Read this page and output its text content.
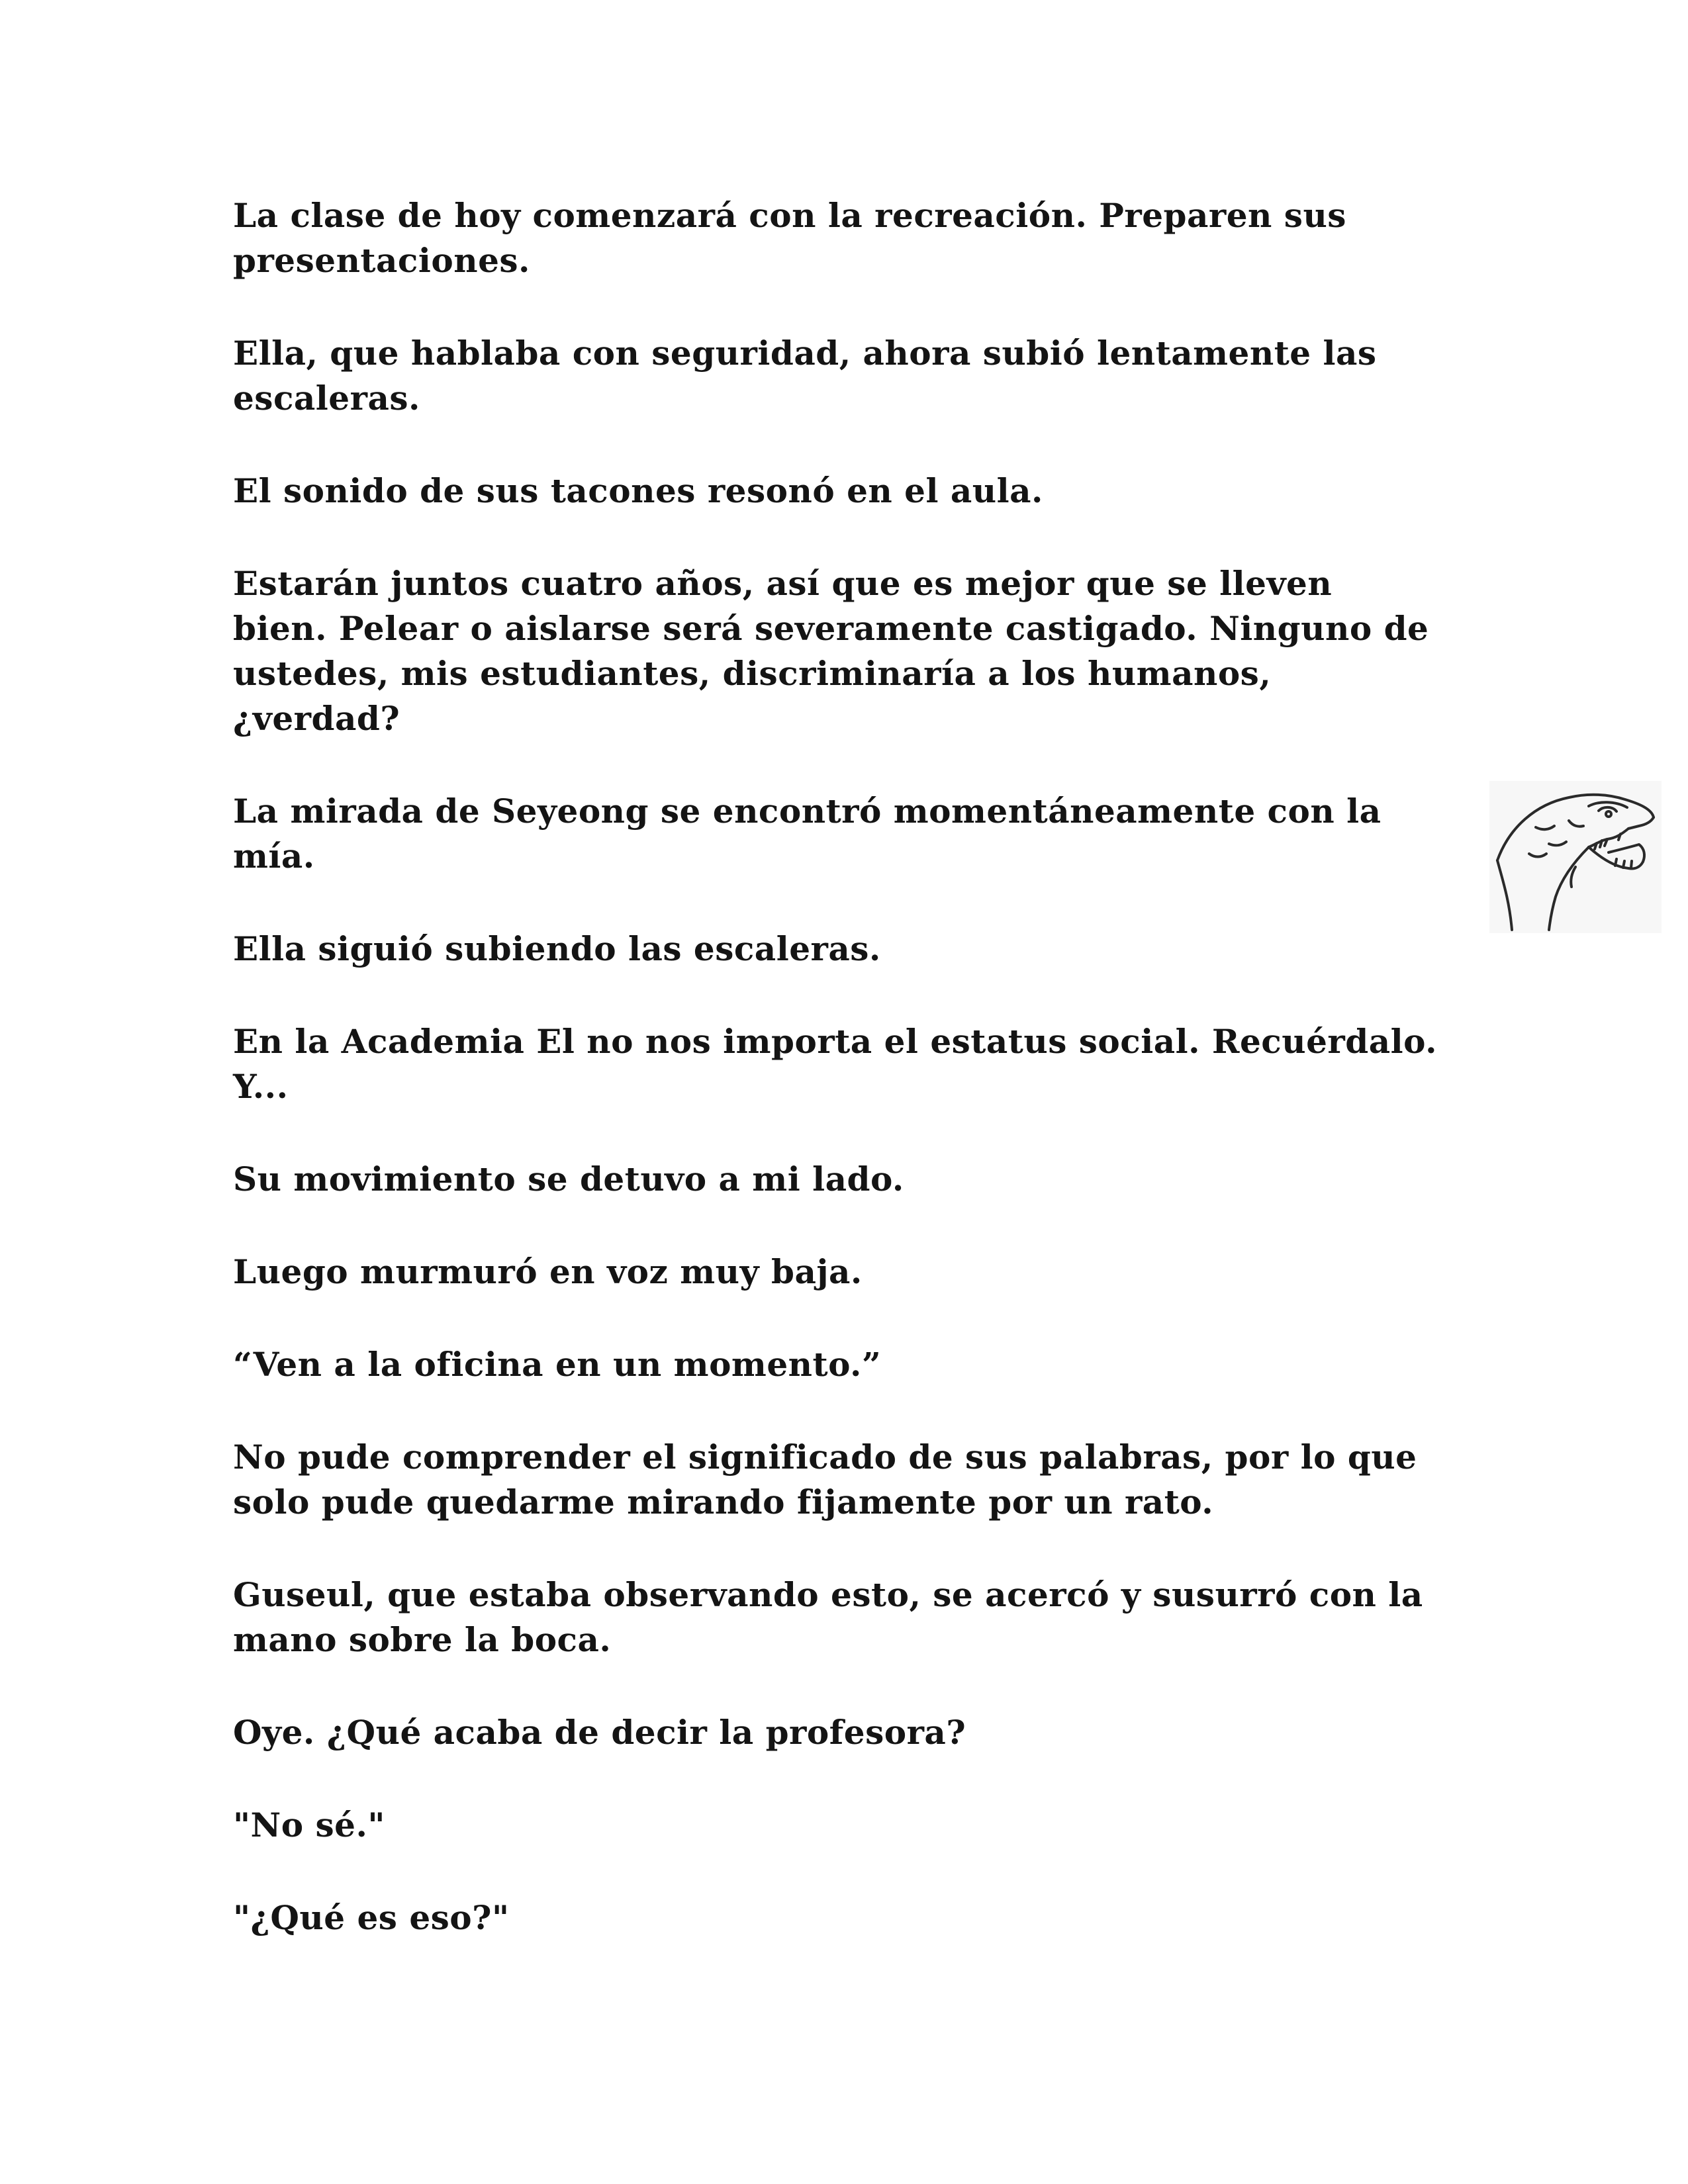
La clase de hoy comenzará con la recreación. Preparen sus presentaciones.

Ella, que hablaba con seguridad, ahora subió lentamente las escaleras.

El sonido de sus tacones resonó en el aula.

Estarán juntos cuatro años, así que es mejor que se lleven bien. Pelear o aislarse será severamente castigado. Ninguno de ustedes, mis estudiantes, discriminaría a los humanos, ¿verdad?

La mirada de Seyeong se encontró momentáneamente con la mía.

Ella siguió subiendo las escaleras.

En la Academia El no nos importa el estatus social. Recuérdalo. Y...

Su movimiento se detuvo a mi lado.

Luego murmuró en voz muy baja.

“Ven a la oficina en un momento.”

No pude comprender el significado de sus palabras, por lo que solo pude quedarme mirando fijamente por un rato.

Guseul, que estaba observando esto, se acercó y susurró con la mano sobre la boca.

Oye. ¿Qué acaba de decir la profesora?

"No sé."

"¿Qué es eso?"
